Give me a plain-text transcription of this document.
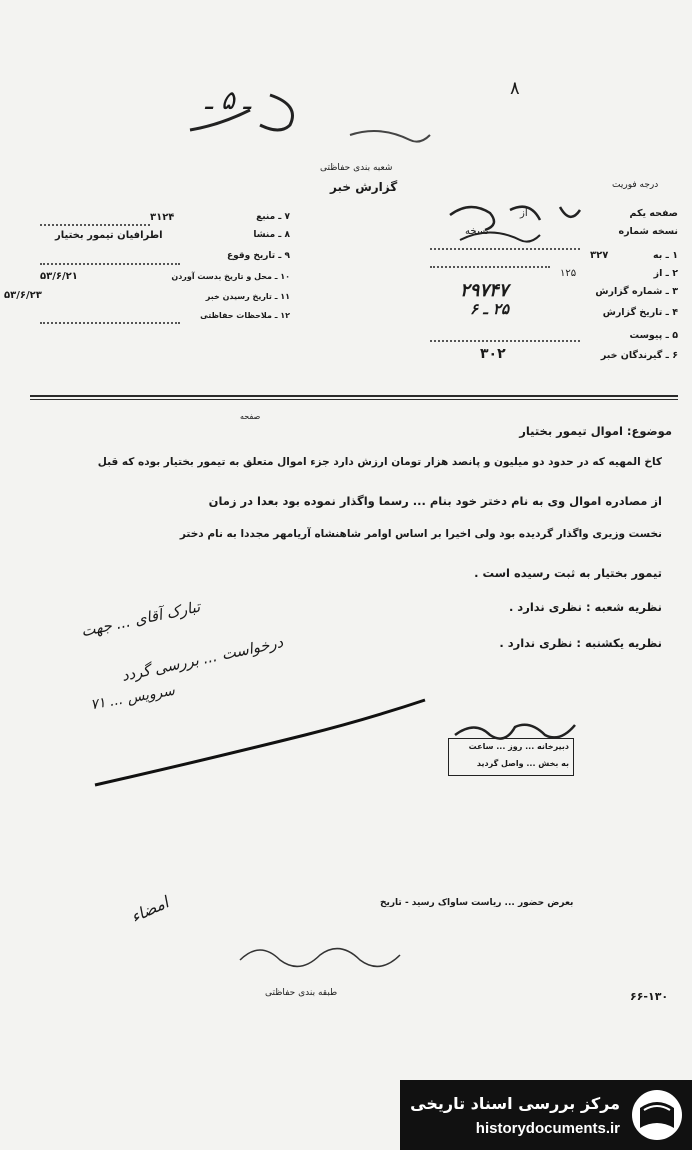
٨
ـ ۵ ـ
شعبه بندی حفاظتی
گزارش خبر	درجه فوریت
صفحه یکم
نسخه شماره
۱ ـ به
۲ ـ از
۳ ـ شماره گزارش
۴ ـ تاریخ گزارش
۵ ـ پیوست
۶ ـ گیرندگان خبر
از
نسخه
۳۲۷
۱۲۵
۲۹۷۴۷
۲۵ ـ ۶
۳۰۲
۷ ـ منبع
۸ ـ منشا
۹ ـ تاریخ وقوع
۱۰ ـ محل و تاریخ بدست آوردن
۱۱ ـ تاریخ رسیدن خبر
۱۲ ـ ملاحظات حفاظتی
۳۱۲۴
اطرافیان تیمور بختیار
۵۳/۶/۲۱
۵۳/۶/۲۳
موضوع: اموال تیمور بختیار
صفحه
کاخ المهیه که در حدود دو میلیون و پانصد هزار تومان ارزش دارد جزء اموال متعلق به تیمور بختیار بوده که قبل
از مصادره اموال وی به نام دختر خود بنام ... رسما واگذار نموده بود بعدا در زمان
نخست وزیری واگذار گردیده بود ولی اخیرا بر اساس اوامر شاهنشاه آریامهر مجددا به نام دختر
تیمور بختیار به ثبت رسیده است .
نظریه شعبه : نظری ندارد .
نظریه یکشنبه : نظری ندارد .
تبارک آقای ... جهت
درخواست ... بررسی گردد
سرویس ... ۷۱
دبیرخانه ... روز ... ساعت
به بخش ... واصل گردید
بعرض حضور ... ریاست ساواک رسید - تاریخ
امضاء
طبقه بندی حفاظتی	۶۶-۱۳۰
مرکز بررسی اسناد تاریخی
historydocuments.ir
